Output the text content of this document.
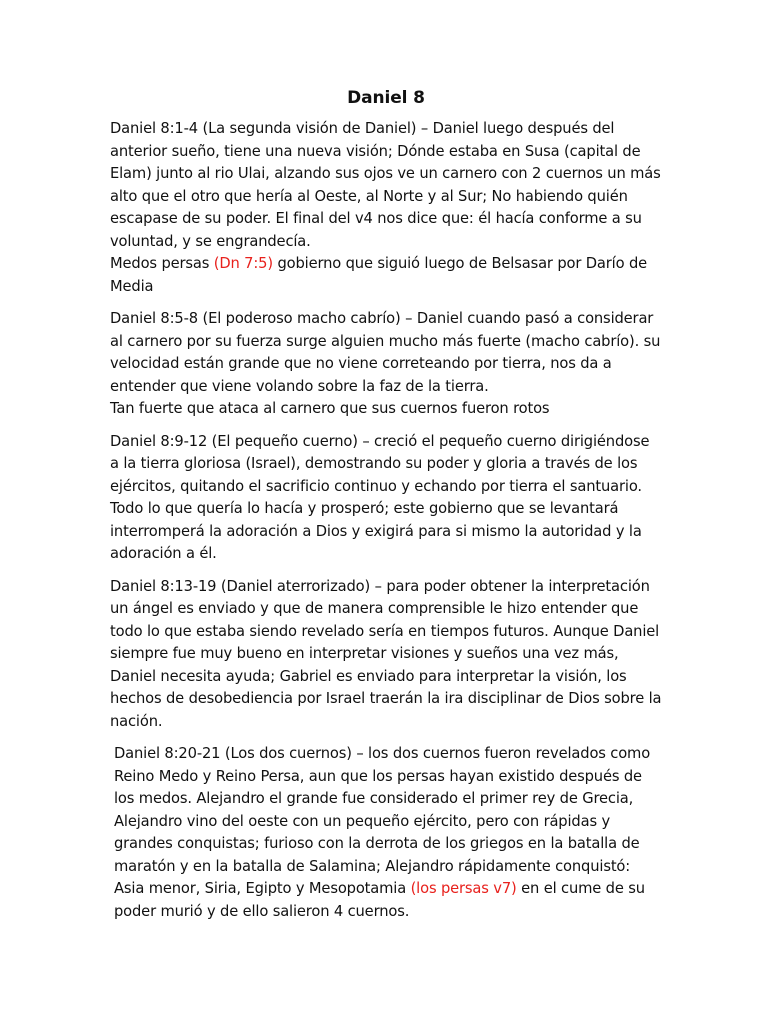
Daniel 8
Daniel 8:1-4 (La segunda visión de Daniel) – Daniel luego después del anterior sueño, tiene una nueva visión; Dónde estaba en Susa (capital de Elam) junto al rio Ulai, alzando sus ojos ve un carnero con 2 cuernos un más alto que el otro que hería al Oeste, al Norte y al Sur; No habiendo quién escapase de su poder. El final del v4 nos dice que: él hacía conforme a su voluntad, y se engrandecía.
Medos persas (Dn 7:5) gobierno que siguió luego de Belsasar por Darío de Media
Daniel 8:5-8 (El poderoso macho cabrío) – Daniel cuando pasó a considerar al carnero por su fuerza surge alguien mucho más fuerte (macho cabrío). su velocidad están grande que no viene correteando por tierra, nos da a entender que viene volando sobre la faz de la tierra.
Tan fuerte que ataca al carnero que sus cuernos fueron rotos
Daniel 8:9-12 (El pequeño cuerno) – creció el pequeño cuerno dirigiéndose a la tierra gloriosa (Israel), demostrando su poder y gloria a través de los ejércitos, quitando el sacrificio continuo y echando por tierra el santuario. Todo lo que quería lo hacía y prosperó; este gobierno que se levantará interromperá la adoración a Dios y exigirá para si mismo la autoridad y la adoración a él.
Daniel 8:13-19 (Daniel aterrorizado) – para poder obtener la interpretación un ángel es enviado y que de manera comprensible le hizo entender que todo lo que estaba siendo revelado sería en tiempos futuros. Aunque Daniel siempre fue muy bueno en interpretar visiones y sueños una vez más, Daniel necesita ayuda; Gabriel es enviado para interpretar la visión, los hechos de desobediencia por Israel traerán la ira disciplinar de Dios sobre la nación.
Daniel 8:20-21 (Los dos cuernos) – los dos cuernos fueron revelados como Reino Medo y Reino Persa, aun que los persas hayan existido después de los medos. Alejandro el grande fue considerado el primer rey de Grecia, Alejandro vino del oeste con un pequeño ejército, pero con rápidas y grandes conquistas; furioso con la derrota de los griegos en la batalla de maratón y en la batalla de Salamina; Alejandro rápidamente conquistó: Asia menor, Siria, Egipto y Mesopotamia (los persas v7) en el cume de su poder murió y de ello salieron 4 cuernos.
